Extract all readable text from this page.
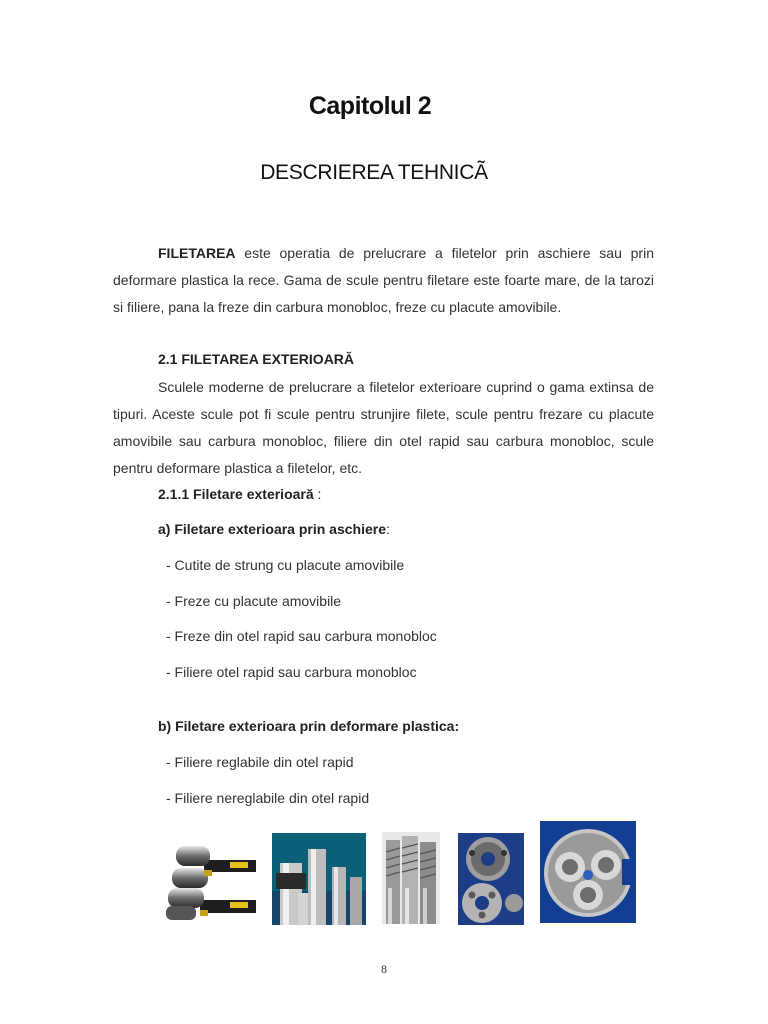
Capitolul 2
DESCRIEREA TEHNICÃ
FILETAREA este operatia de prelucrare a filetelor prin aschiere sau prin deformare plastica la rece. Gama de scule pentru filetare este foarte mare, de la tarozi si filiere, pana la freze din carbura monobloc, freze cu placute amovibile.
2.1 FILETAREA EXTERIOARĂ
Sculele moderne de prelucrare a filetelor exterioare cuprind o gama extinsa de tipuri. Aceste scule pot fi scule pentru strunjire filete, scule pentru frezare cu placute amovibile sau carbura monobloc, filiere din otel rapid sau carbura monobloc, scule pentru deformare plastica a filetelor, etc.
2.1.1 Filetare exterioară :
a) Filetare exterioara prin aschiere:
- Cutite de strung cu placute amovibile
- Freze cu placute amovibile
- Freze din otel rapid sau carbura monobloc
- Filiere otel rapid sau carbura monobloc
b) Filetare exterioara prin deformare plastica:
- Filiere reglabile din otel rapid
- Filiere nereglabile din otel rapid
8
